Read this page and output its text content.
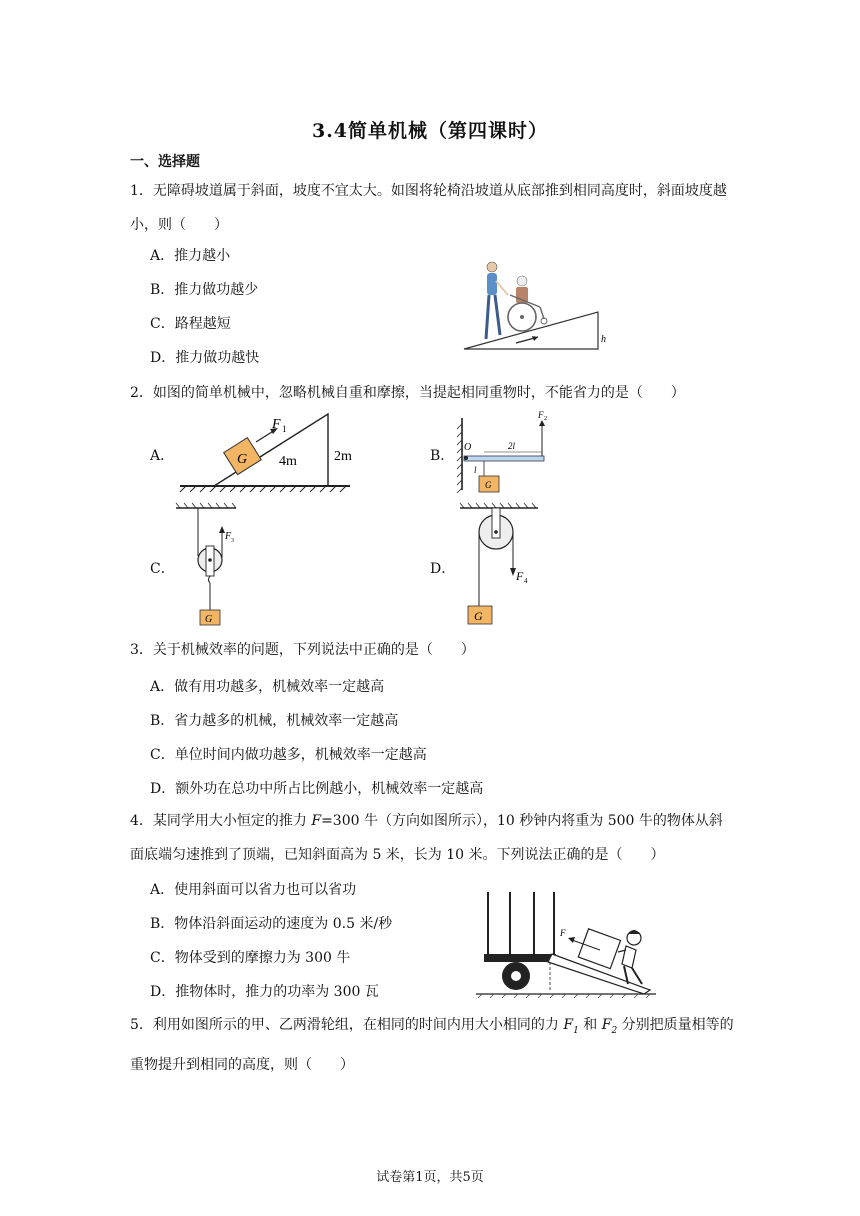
3.4简单机械（第四课时）
一、选择题
1．无障碍坡道属于斜面，坡度不宜太大。如图将轮椅沿坡道从底部推到相同高度时，斜面坡度越小，则（　　）
A．推力越小
B．推力做功越少
C．路程越短
D．推力做功越快
h
2．如图的简单机械中，忽略机械自重和摩擦，当提起相同重物时，不能省力的是（　　）
A．	G
F 1
4m	2m	B．
O
F 2
2l
l
G
C．
F 3
G
D．	F 4
G
3．关于机械效率的问题，下列说法中正确的是（　　）
A．做有用功越多，机械效率一定越高
B．省力越多的机械，机械效率一定越高
C．单位时间内做功越多，机械效率一定越高
D．额外功在总功中所占比例越小，机械效率一定越高
4．某同学用大小恒定的推力 F=300 牛（方向如图所示），10 秒钟内将重为 500 牛的物体从斜面底端匀速推到了顶端，已知斜面高为 5 米，长为 10 米。下列说法正确的是（　　）
A．使用斜面可以省力也可以省功
B．物体沿斜面运动的速度为 0.5 米/秒
C．物体受到的摩擦力为 300 牛
D．推物体时，推力的功率为 300 瓦
F
5．利用如图所示的甲、乙两滑轮组，在相同的时间内用大小相同的力 $F_1$ 和 $F_2$ 分别把质量相等的重物提升到相同的高度，则（　　）
试卷第1页，共5页
